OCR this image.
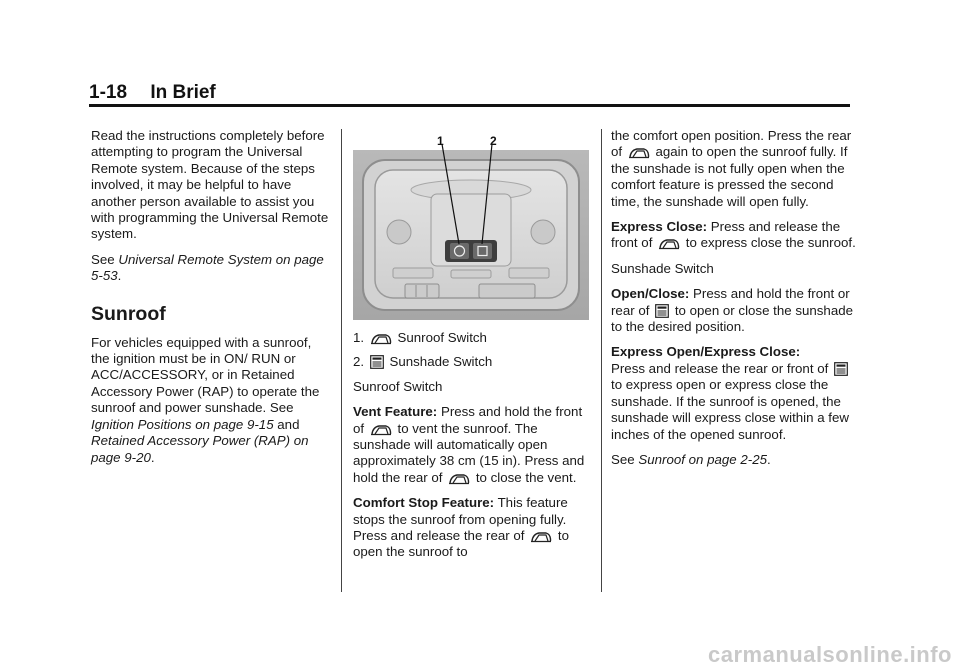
1-18 In Brief

Read the instructions completely before attempting to program the Universal Remote system. Because of the steps involved, it may be helpful to have another person available to assist you with programming the Universal Remote system.

See Universal Remote System on page 5-53.

Sunroof

For vehicles equipped with a sunroof, the ignition must be in ON/ RUN or ACC/ACCESSORY, or in Retained Accessory Power (RAP) to operate the sunroof and power sunshade. See Ignition Positions on page 9-15 and Retained Accessory Power (RAP) on page 9-20.

1	2
1.	Sunroof Switch
2. Sunshade Switch

Sunroof Switch

Vent Feature: Press and hold the front of	to vent the sunroof. The sunshade will automatically open approximately 38 cm (15 in). Press and hold the rear of	to close the vent.

Comfort Stop Feature: This feature stops the sunroof from opening fully. Press and release the rear of	to open the sunroof to

the comfort open position. Press the rear of	again to open the sunroof fully. If the sunshade is not fully open when the comfort feature is pressed the second time, the sunshade will open fully.

Express Close: Press and release the front of	to express close the sunroof.

Sunshade Switch

Open/Close: Press and hold the front or rear of to open or close the sunshade to the desired position.

Express Open/Express Close:
Press and release the rear or front of  to express open or express close the sunshade. If the sunroof is opened, the sunshade will express close within a few inches of the opened sunroof.

See Sunroof on page 2-25.

carmanualsonline.info
